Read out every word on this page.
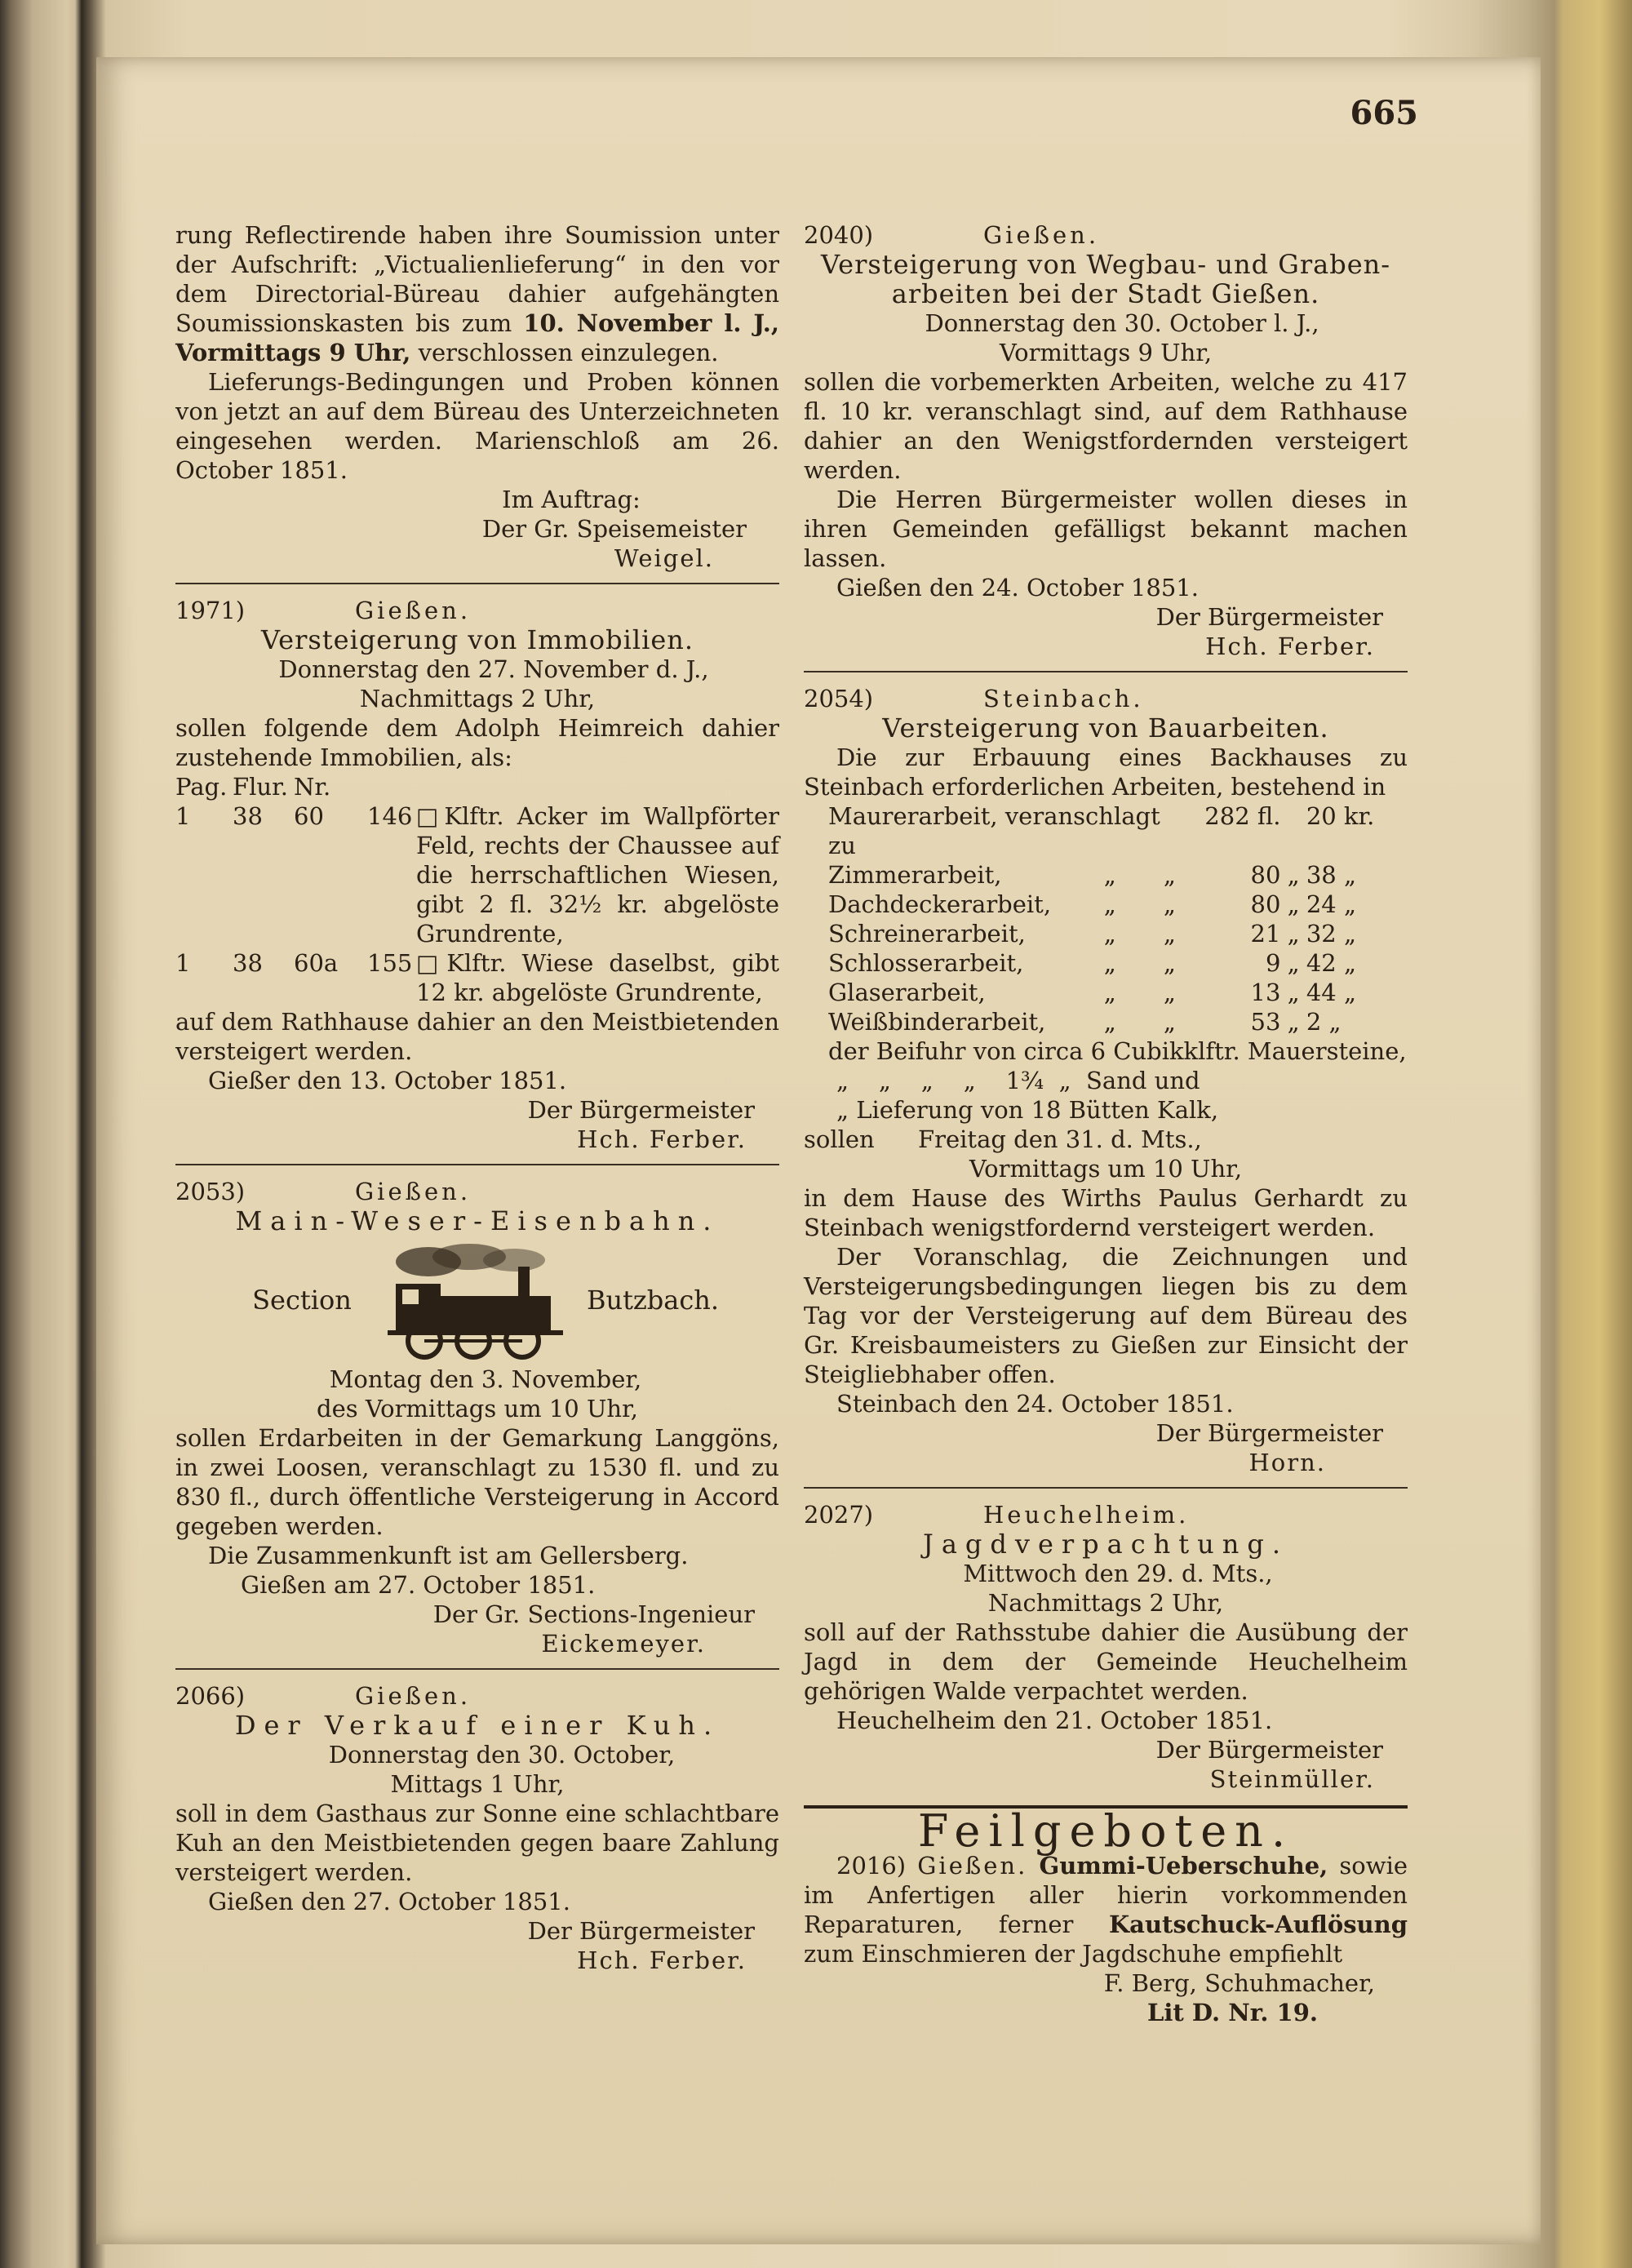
665

rung Reflectirende haben ihre Soumission unter der Aufschrift: „Victualienlieferung“ in den vor dem Directorial-Büreau dahier aufgehängten Soumissionskasten bis zum 10. November l. J., Vormittags 9 Uhr, verschlossen einzulegen.

Lieferungs-Bedingungen und Proben können von jetzt an auf dem Büreau des Unterzeichneten eingesehen werden. Marienschloß am 26. October 1851.

Im Auftrag:

Der Gr. Speisemeister

Weigel.

1971)	Gießen.

Versteigerung von Immobilien.

Donnerstag den 27. November d. J.,

Nachmittags 2 Uhr,

sollen folgende dem Adolph Heimreich dahier zustehende Immobilien, als:

Pag.	Flur.	Nr.		
1	38	60	146	□Klftr. Acker im Wallpförter Feld, rechts der Chaussee auf die herrschaftlichen Wiesen, gibt 2 fl. 32½ kr. abgelöste Grundrente,
1	38	60a	155	□Klftr. Wiese daselbst, gibt 12 kr. abgelöste Grundrente,

auf dem Rathhause dahier an den Meistbietenden versteigert werden.

Gießer den 13. October 1851.

Der Bürgermeister

Hch. Ferber.

2053)	Gießen.

Main-Weser-Eisenbahn.

Section	Butzbach.

Montag den 3. November,

des Vormittags um 10 Uhr,

sollen Erdarbeiten in der Gemarkung Langgöns, in zwei Loosen, veranschlagt zu 1530 fl. und zu 830 fl., durch öffentliche Versteigerung in Accord gegeben werden.

Die Zusammenkunft ist am Gellersberg.

Gießen am 27. October 1851.

Der Gr. Sections-Ingenieur

Eickemeyer.

2066)	Gießen.

Der Verkauf einer Kuh.

Donnerstag den 30. October,

Mittags 1 Uhr,

soll in dem Gasthaus zur Sonne eine schlachtbare Kuh an den Meistbietenden gegen baare Zahlung versteigert werden.

Gießen den 27. October 1851.

Der Bürgermeister

Hch. Ferber.

2040)	Gießen.

Versteigerung von Wegbau- und Graben-

arbeiten bei der Stadt Gießen.

Donnerstag den 30. October l. J.,

Vormittags 9 Uhr,

sollen die vorbemerkten Arbeiten, welche zu 417 fl. 10 kr. veranschlagt sind, auf dem Rathhause dahier an den Wenigstfordernden versteigert werden.

Die Herren Bürgermeister wollen dieses in ihren Gemeinden gefälligst bekannt machen lassen.

Gießen den 24. October 1851.

Der Bürgermeister

Hch. Ferber.

2054)	Steinbach.

Versteigerung von Bauarbeiten.

Die zur Erbauung eines Backhauses zu Steinbach erforderlichen Arbeiten, bestehend in

Maurerarbeit, veranschlagt zu			282 fl.		20 kr.
Zimmerarbeit,	„	„	80	„	38 „
Dachdeckerarbeit,	„	„	80	„	24 „
Schreinerarbeit,	„	„	21	„	32 „
Schlosserarbeit,	„	„	9	„	42 „
Glaserarbeit,	„	„	13	„	44 „
Weißbinderarbeit,	„	„	53	„	2 „

der Beifuhr von circa 6 Cubikklftr. Mauersteine,

„    „    „    „    1¾  „  Sand und

„ Lieferung von 18 Bütten Kalk,

sollen	Freitag den 31. d. Mts.,

Vormittags um 10 Uhr,

in dem Hause des Wirths Paulus Gerhardt zu Steinbach wenigstfordernd versteigert werden.

Der Voranschlag, die Zeichnungen und Versteigerungsbedingungen liegen bis zu dem Tag vor der Versteigerung auf dem Büreau des Gr. Kreisbaumeisters zu Gießen zur Einsicht der Steigliebhaber offen.

Steinbach den 24. October 1851.

Der Bürgermeister

Horn.

2027)	Heuchelheim.

Jagdverpachtung.

Mittwoch den 29. d. Mts.,

Nachmittags 2 Uhr,

soll auf der Rathsstube dahier die Ausübung der Jagd in dem der Gemeinde Heuchelheim gehörigen Walde verpachtet werden.

Heuchelheim den 21. October 1851.

Der Bürgermeister

Steinmüller.

Feilgeboten.

2016) Gießen. Gummi-Ueberschuhe, sowie im Anfertigen aller hierin vorkommenden Reparaturen, ferner Kautschuck-Auflösung zum Einschmieren der Jagdschuhe empfiehlt

F. Berg, Schuhmacher,

Lit D. Nr. 19.
